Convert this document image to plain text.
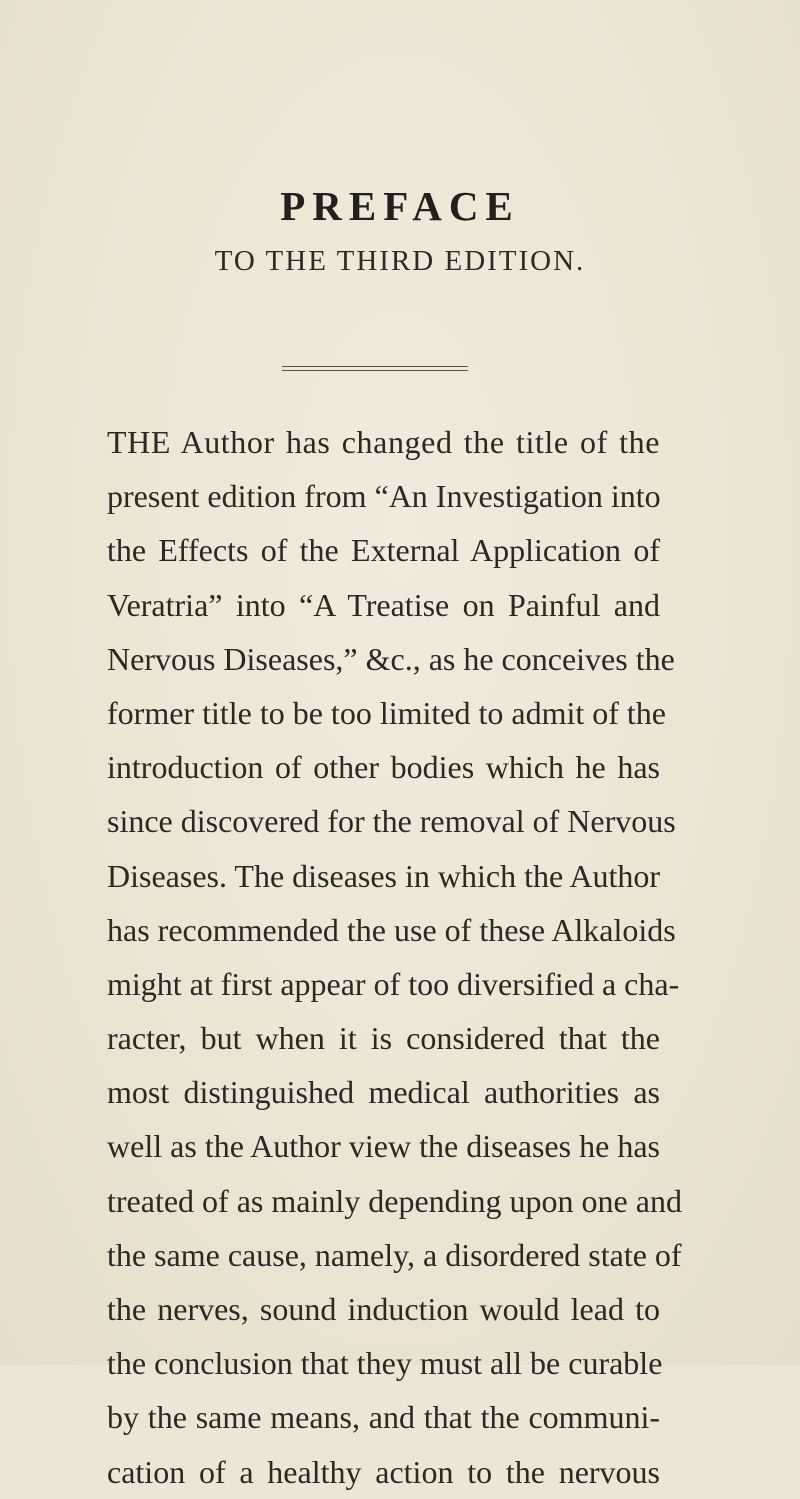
PREFACE
TO THE THIRD EDITION.
THE Author has changed the title of the
present edition from “An Investigation into
the Effects of the External Application of
Veratria” into “A Treatise on Painful and
Nervous Diseases,” &c., as he conceives the
former title to be too limited to admit of the
introduction of other bodies which he has
since discovered for the removal of Nervous
Diseases. The diseases in which the Author
has recommended the use of these Alkaloids
might at first appear of too diversified a cha-
racter, but when it is considered that the
most distinguished medical authorities as
well as the Author view the diseases he has
treated of as mainly depending upon one and
the same cause, namely, a disordered state of
the nerves, sound induction would lead to
the conclusion that they must all be curable
by the same means, and that the communi-
cation of a healthy action to the nervous
